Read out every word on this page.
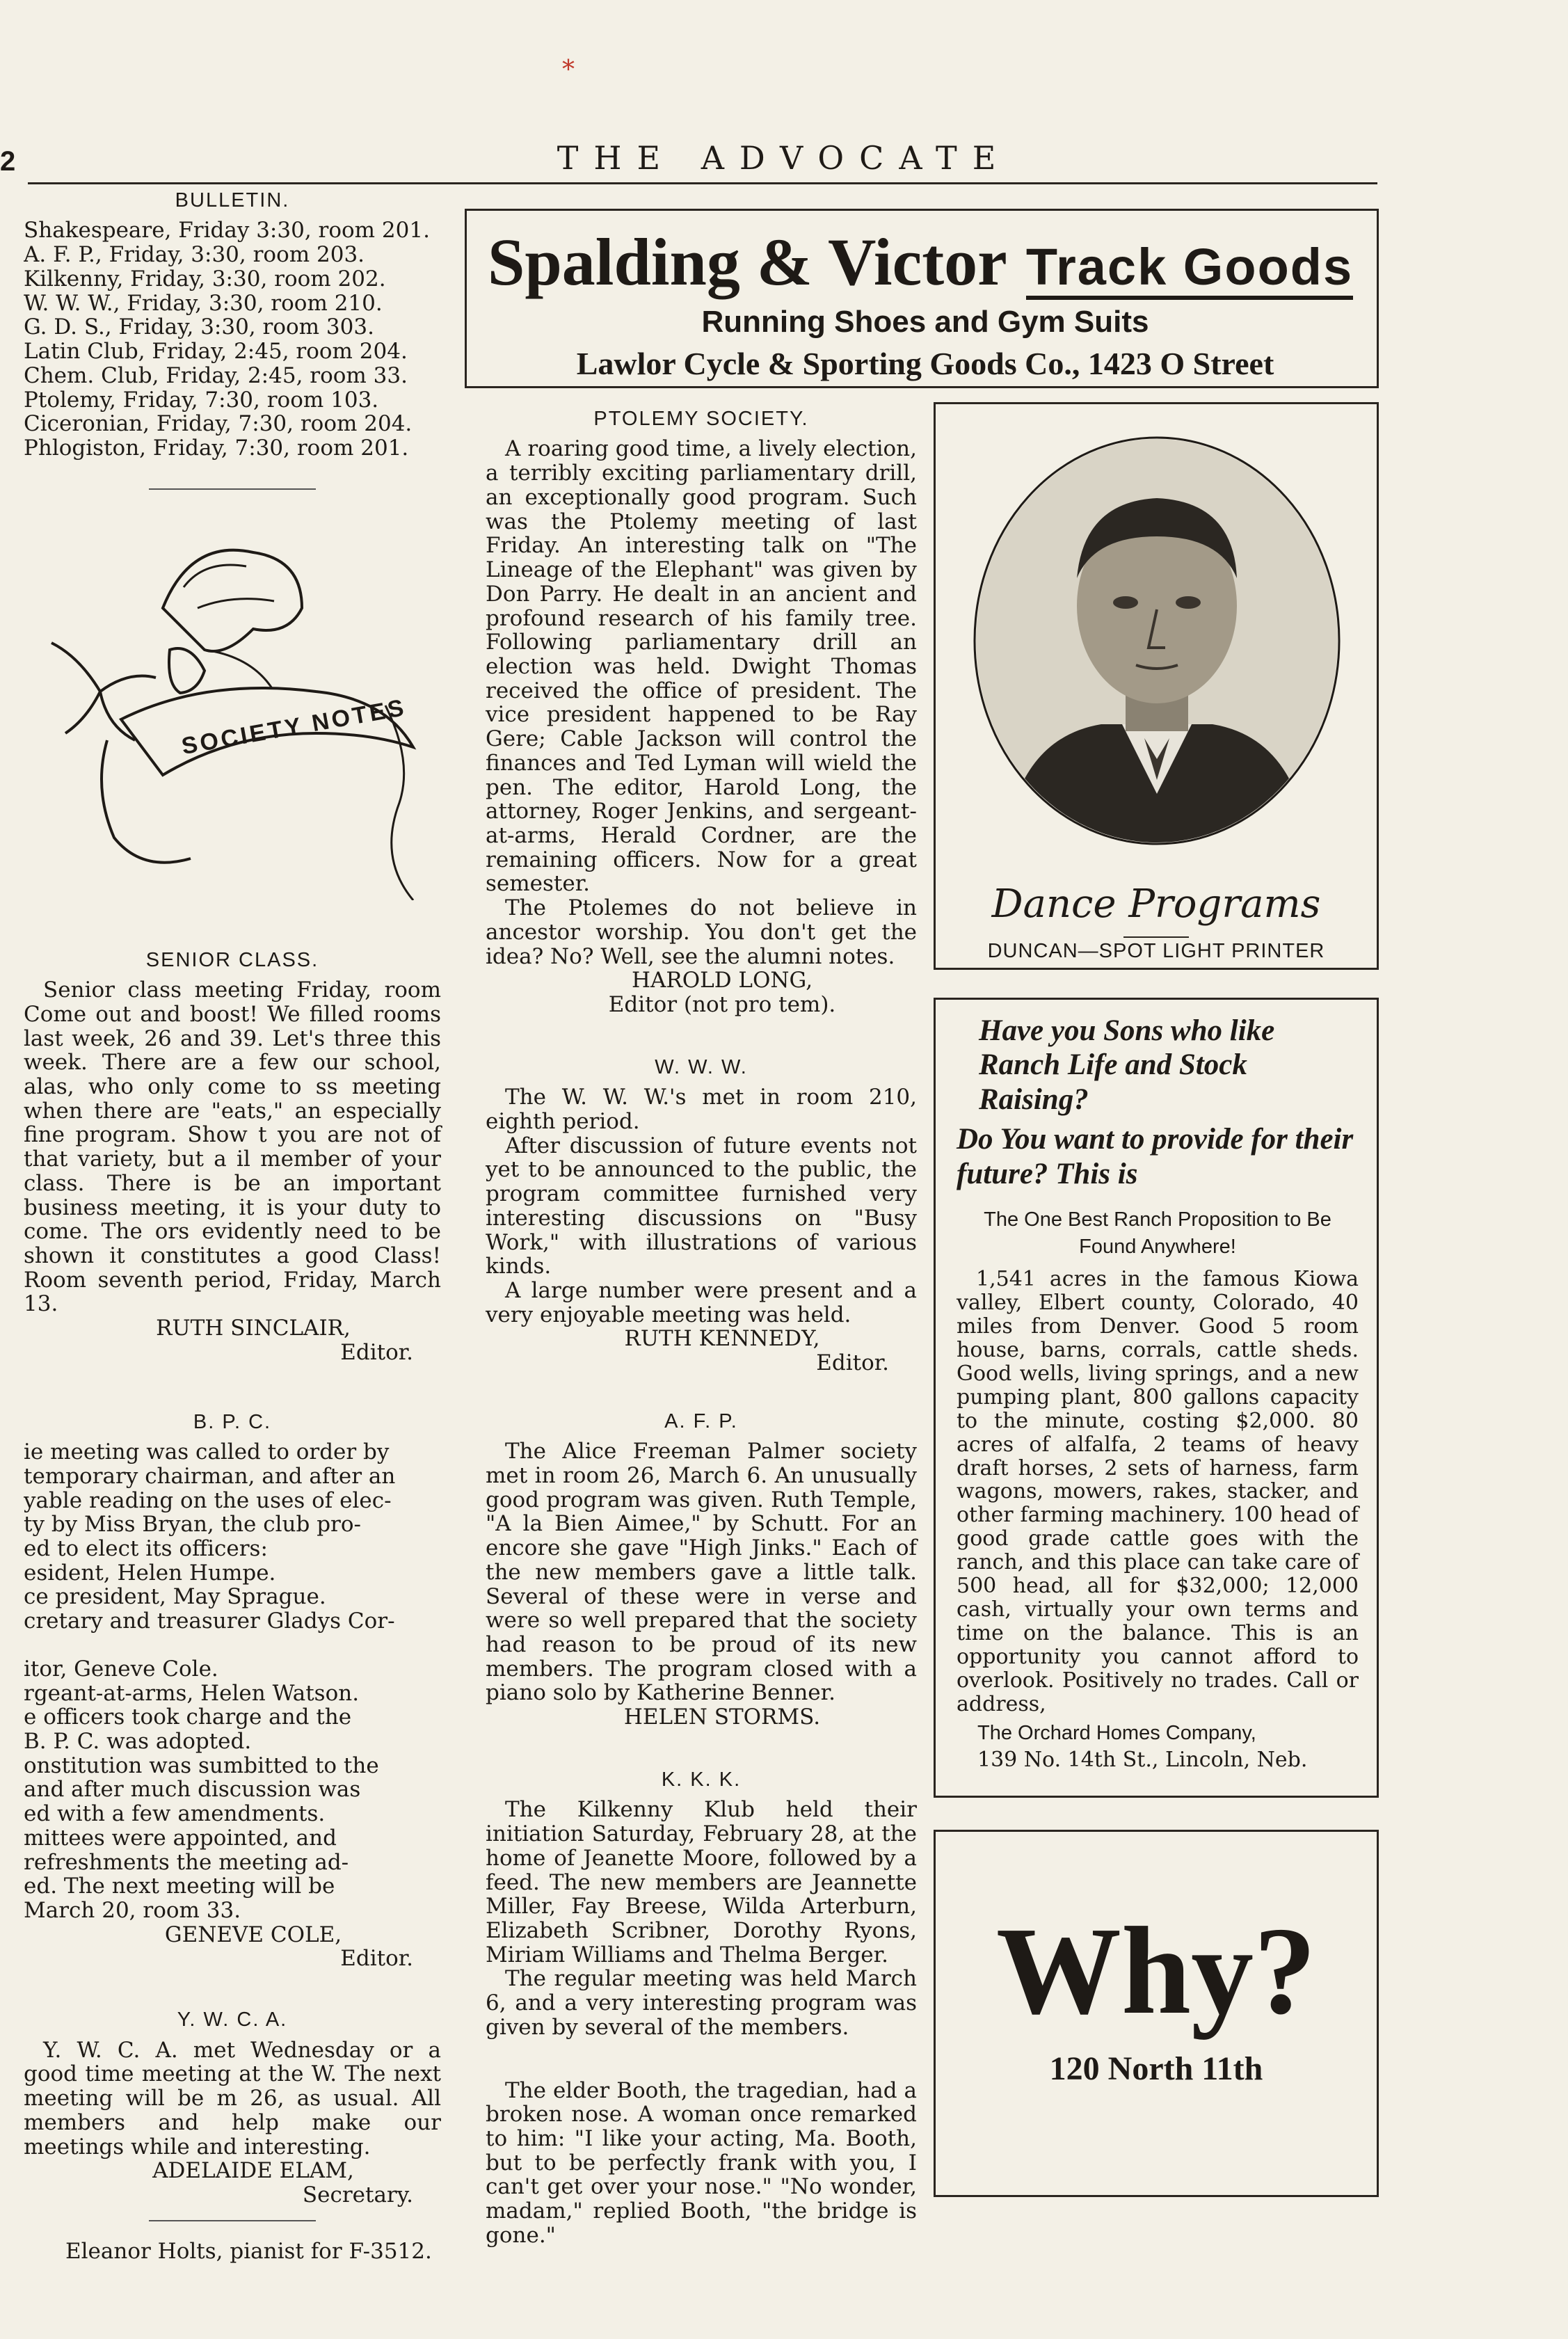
*
2	THE ADVOCATE
BULLETIN.
Shakespeare, Friday 3:30, room 201.
A. F. P., Friday, 3:30, room 203.
Kilkenny, Friday, 3:30, room 202.
W. W. W., Friday, 3:30, room 210.
G. D. S., Friday, 3:30, room 303.
Latin Club, Friday, 2:45, room 204.
Chem. Club, Friday, 2:45, room 33.
Ptolemy, Friday, 7:30, room 103.
Ciceronian, Friday, 7:30, room 204.
Phlogiston, Friday, 7:30, room 201.
SOCIETY NOTES
SENIOR CLASS.

Senior class meeting Friday, room Come out and boost! We filled rooms last week, 26 and 39. Let's three this week. There are a few our school, alas, who only come to ss meeting when there are "eats," an especially fine program. Show t you are not of that variety, but a il member of your class. There is be an important business meeting, it is your duty to come. The ors evidently need to be shown it constitutes a good Class! Room seventh period, Friday, March 13.

RUTH SINCLAIR,
Editor.
B. P. C.
ie meeting was called to order by
temporary chairman, and after an
yable reading on the uses of elec-
ty by Miss Bryan, the club pro-
ed to elect its officers:
esident, Helen Humpe.
ce president, May Sprague.
cretary and treasurer Gladys Cor-
itor, Geneve Cole.
rgeant-at-arms, Helen Watson.
e officers took charge and the
B. P. C. was adopted.
onstitution was sumbitted to the
and after much discussion was
ed with a few amendments.
mittees were appointed, and
refreshments the meeting ad-
ed. The next meeting will be
March 20, room 33.
GENEVE COLE,
Editor.
Y. W. C. A.

Y. W. C. A. met Wednesday or a good time meeting at the W. The next meeting will be m 26, as usual. All members and help make our meetings while and interesting.

ADELAIDE ELAM,
Secretary.

Eleanor Holts, pianist for F-3512.

Spalding & Victor Track Goods
Running Shoes and Gym Suits
Lawlor Cycle & Sporting Goods Co., 1423 O Street
PTOLEMY SOCIETY.

A roaring good time, a lively election, a terribly exciting parliamentary drill, an exceptionally good program. Such was the Ptolemy meeting of last Friday. An interesting talk on "The Lineage of the Elephant" was given by Don Parry. He dealt in an ancient and profound research of his family tree. Following parliamentary drill an election was held. Dwight Thomas received the office of president. The vice president happened to be Ray Gere; Cable Jackson will control the finances and Ted Lyman will wield the pen. The editor, Harold Long, the attorney, Roger Jenkins, and sergeant-at-arms, Herald Cordner, are the remaining officers. Now for a great semester.

The Ptolemes do not believe in ancestor worship. You don't get the idea? No? Well, see the alumni notes.

HAROLD LONG,
Editor (not pro tem).
W. W. W.

The W. W. W.'s met in room 210, eighth period.

After discussion of future events not yet to be announced to the public, the program committee furnished very interesting discussions on "Busy Work," with illustrations of various kinds.

A large number were present and a very enjoyable meeting was held.

RUTH KENNEDY,
Editor.
A. F. P.

The Alice Freeman Palmer society met in room 26, March 6. An unusually good program was given. Ruth Temple, "A la Bien Aimee," by Schutt. For an encore she gave "High Jinks." Each of the new members gave a little talk. Several of these were in verse and were so well prepared that the society had reason to be proud of its new members. The program closed with a piano solo by Katherine Benner.

HELEN STORMS.
K. K. K.

The Kilkenny Klub held their initiation Saturday, February 28, at the home of Jeanette Moore, followed by a feed. The new members are Jeannette Miller, Fay Breese, Wilda Arterburn, Elizabeth Scribner, Dorothy Ryons, Miriam Williams and Thelma Berger.

The regular meeting was held March 6, and a very interesting program was given by several of the members.

The elder Booth, the tragedian, had a broken nose. A woman once remarked to him: "I like your acting, Ma. Booth, but to be perfectly frank with you, I can't get over your nose." "No wonder, madam," replied Booth, "the bridge is gone."

Dance Programs
DUNCAN—SPOT LIGHT PRINTER
Have you Sons who like Ranch Life and Stock Raising?
Do You want to provide for their future? This is
The One Best Ranch Proposition to Be Found Anywhere!

1,541 acres in the famous Kiowa valley, Elbert county, Colorado, 40 miles from Denver. Good 5 room house, barns, corrals, cattle sheds. Good wells, living springs, and a new pumping plant, 800 gallons capacity to the minute, costing $2,000. 80 acres of alfalfa, 2 teams of heavy draft horses, 2 sets of harness, farm wagons, mowers, rakes, stacker, and other farming machinery. 100 head of good grade cattle goes with the ranch, and this place can take care of 500 head, all for $32,000; 12,000 cash, virtually your own terms and time on the balance. This is an opportunity you cannot afford to overlook. Positively no trades. Call or address,

The Orchard Homes Company,
139 No. 14th St., Lincoln, Neb.
Why?
120 North 11th
